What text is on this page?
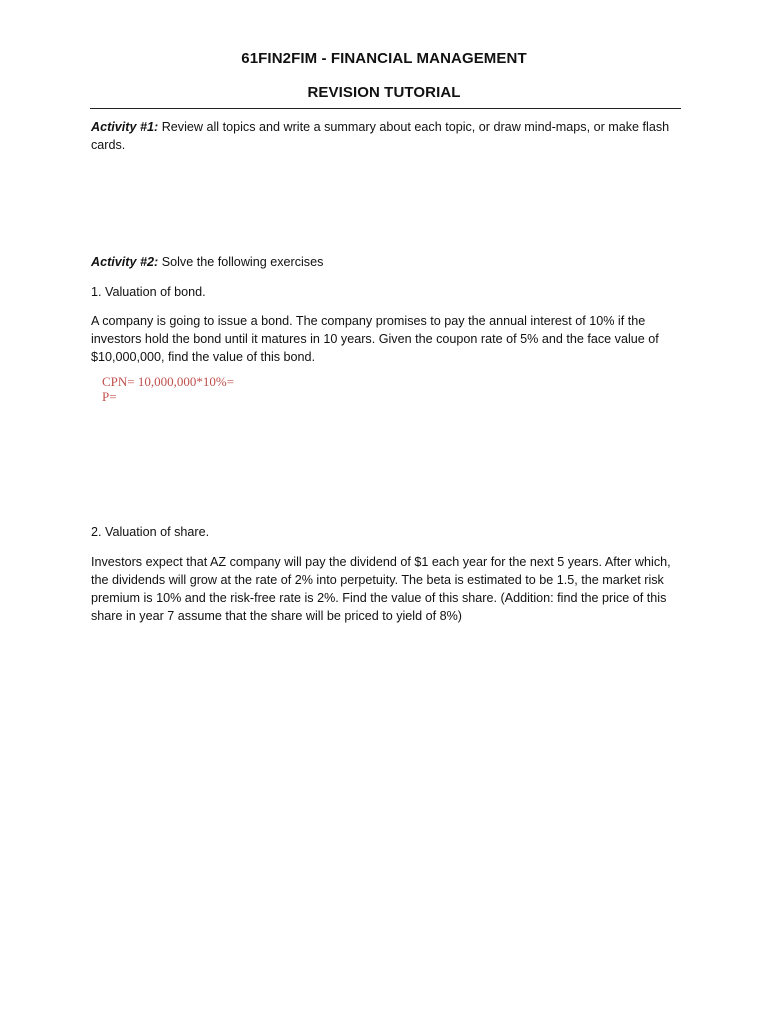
61FIN2FIM - FINANCIAL MANAGEMENT
REVISION TUTORIAL
Activity #1: Review all topics and write a summary about each topic, or draw mind-maps, or make flash cards.
Activity #2: Solve the following exercises
1. Valuation of bond.
A company is going to issue a bond. The company promises to pay the annual interest of 10% if the investors hold the bond until it matures in 10 years. Given the coupon rate of 5% and the face value of $10,000,000, find the value of this bond.
CPN= 10,000,000*10%=
P=
2. Valuation of share.
Investors expect that AZ company will pay the dividend of $1 each year for the next 5 years. After which, the dividends will grow at the rate of 2% into perpetuity. The beta is estimated to be 1.5, the market risk premium is 10% and the risk-free rate is 2%. Find the value of this share. (Addition: find the price of this share in year 7 assume that the share will be priced to yield of 8%)
